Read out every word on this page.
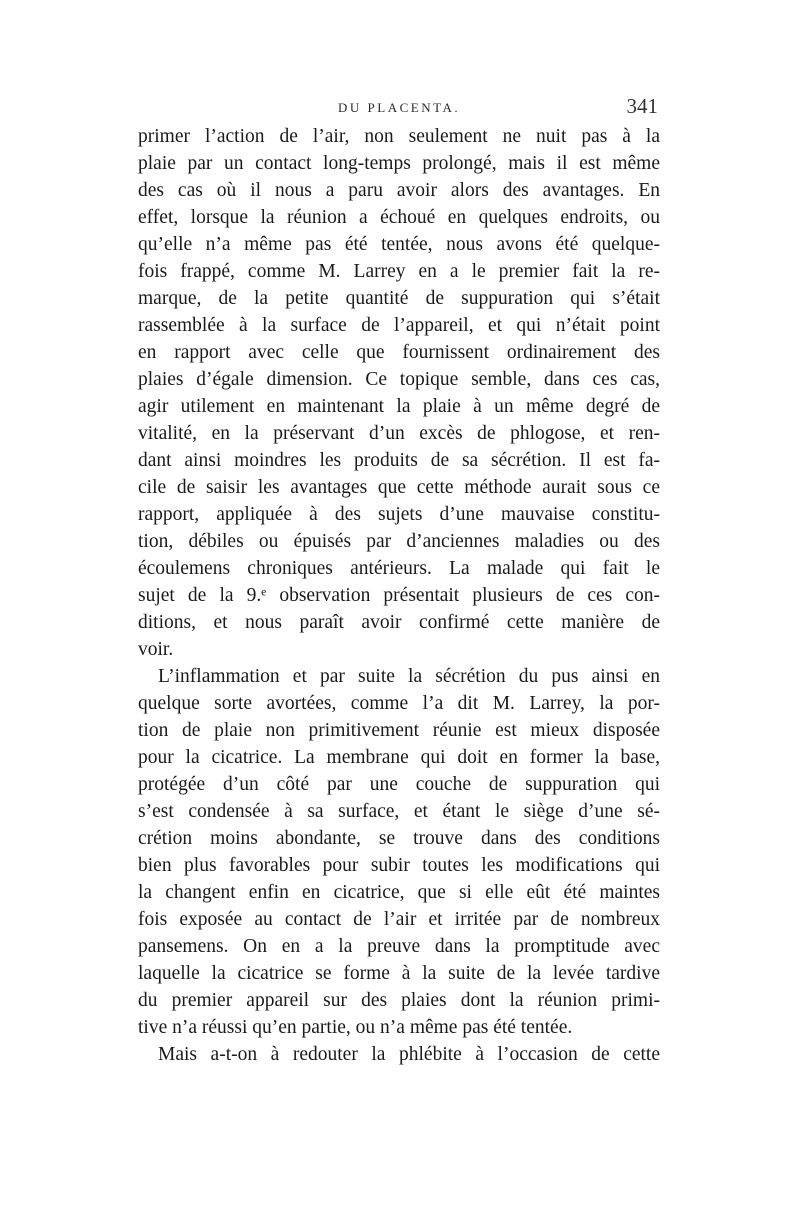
DU PLACENTA.	341
primer l’action de l’air, non seulement ne nuit pas à la
plaie par un contact long-temps prolongé, mais il est même
des cas où il nous a paru avoir alors des avantages. En
effet, lorsque la réunion a échoué en quelques endroits, ou
qu’elle n’a même pas été tentée, nous avons été quelque-
fois frappé, comme M. Larrey en a le premier fait la re-
marque, de la petite quantité de suppuration qui s’était
rassemblée à la surface de l’appareil, et qui n’était point
en rapport avec celle que fournissent ordinairement des
plaies d’égale dimension. Ce topique semble, dans ces cas,
agir utilement en maintenant la plaie à un même degré de
vitalité, en la préservant d’un excès de phlogose, et ren-
dant ainsi moindres les produits de sa sécrétion. Il est fa-
cile de saisir les avantages que cette méthode aurait sous ce
rapport, appliquée à des sujets d’une mauvaise constitu-
tion, débiles ou épuisés par d’anciennes maladies ou des
écoulemens chroniques antérieurs. La malade qui fait le
sujet de la 9.ᵉ observation présentait plusieurs de ces con-
ditions, et nous paraît avoir confirmé cette manière de
voir.
L’inflammation et par suite la sécrétion du pus ainsi en
quelque sorte avortées, comme l’a dit M. Larrey, la por-
tion de plaie non primitivement réunie est mieux disposée
pour la cicatrice. La membrane qui doit en former la base,
protégée d’un côté par une couche de suppuration qui
s’est condensée à sa surface, et étant le siège d’une sé-
crétion moins abondante, se trouve dans des conditions
bien plus favorables pour subir toutes les modifications qui
la changent enfin en cicatrice, que si elle eût été maintes
fois exposée au contact de l’air et irritée par de nombreux
pansemens. On en a la preuve dans la promptitude avec
laquelle la cicatrice se forme à la suite de la levée tardive
du premier appareil sur des plaies dont la réunion primi-
tive n’a réussi qu’en partie, ou n’a même pas été tentée.
Mais a-t-on à redouter la phlébite à l’occasion de cette
